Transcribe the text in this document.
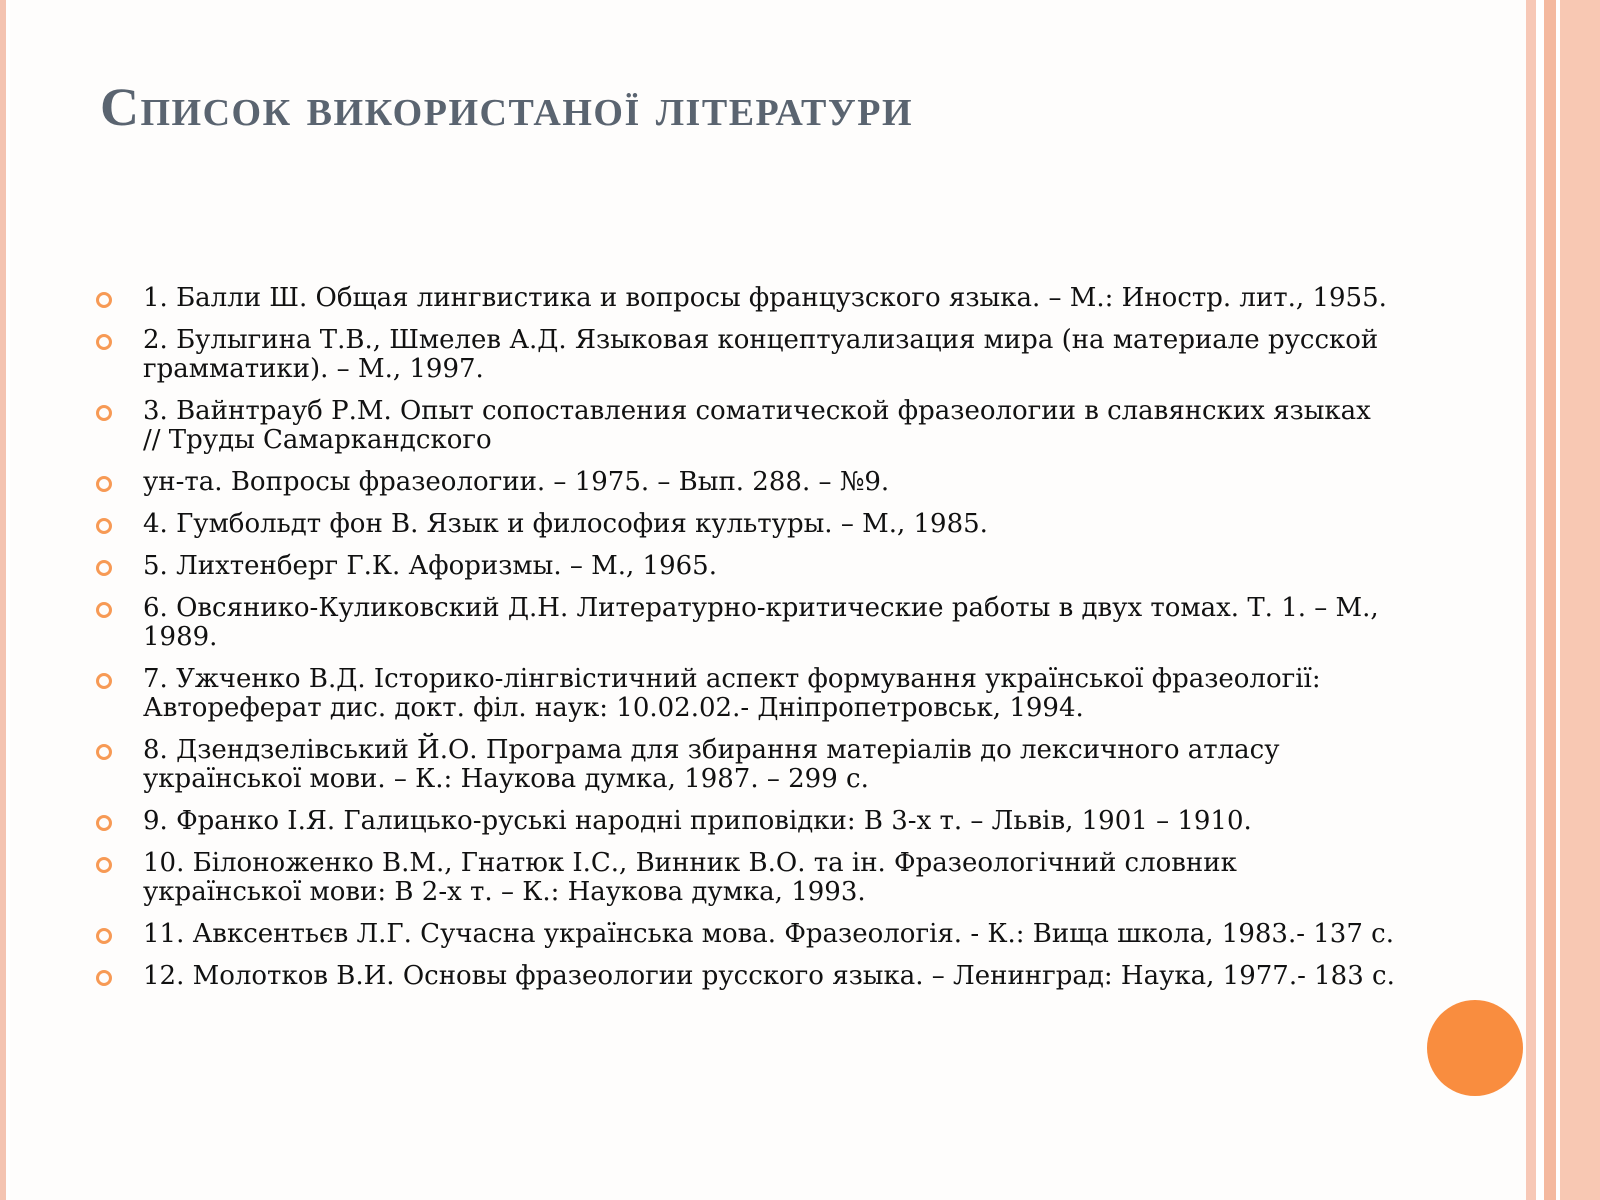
Список використаної літератури
1. Балли Ш. Общая лингвистика и вопросы французского языка. – М.: Иностр. лит., 1955.
2. Булыгина Т.В., Шмелев А.Д. Языковая концептуализация мира (на материале русской грамматики). – М., 1997.
3. Вайнтрауб Р.М. Опыт сопоставления соматической фразеологии в славянских языках // Труды Самаркандского
ун-та. Вопросы фразеологии. – 1975. – Вып. 288. – №9.
4. Гумбольдт фон В. Язык и философия культуры. – М., 1985.
5. Лихтенберг Г.К. Афоризмы. – М., 1965.
6. Овсянико-Куликовский Д.Н. Литературно-критические работы в двух томах. Т. 1. – М., 1989.
7. Ужченко В.Д. Історико-лінгвістичний аспект формування української фразеології: Автореферат дис. докт. філ. наук: 10.02.02.- Дніпропетровськ, 1994.
8. Дзендзелівський Й.О. Програма для збирання матеріалів до лексичного атласу української мови. – К.: Наукова думка, 1987. – 299 с.
9. Франко І.Я. Галицько-руські народні приповідки: В 3-х т. – Львів, 1901 – 1910.
10. Білоноженко В.М., Гнатюк І.С., Винник В.О. та ін. Фразеологічний словник української мови: В 2-х т. – К.: Наукова думка, 1993.
11. Авксентьєв Л.Г. Сучасна українська мова. Фразеологія. - К.: Вища школа, 1983.- 137 с.
12. Молотков В.И. Основы фразеологии русского языка. – Ленинград: Наука, 1977.- 183 с.
